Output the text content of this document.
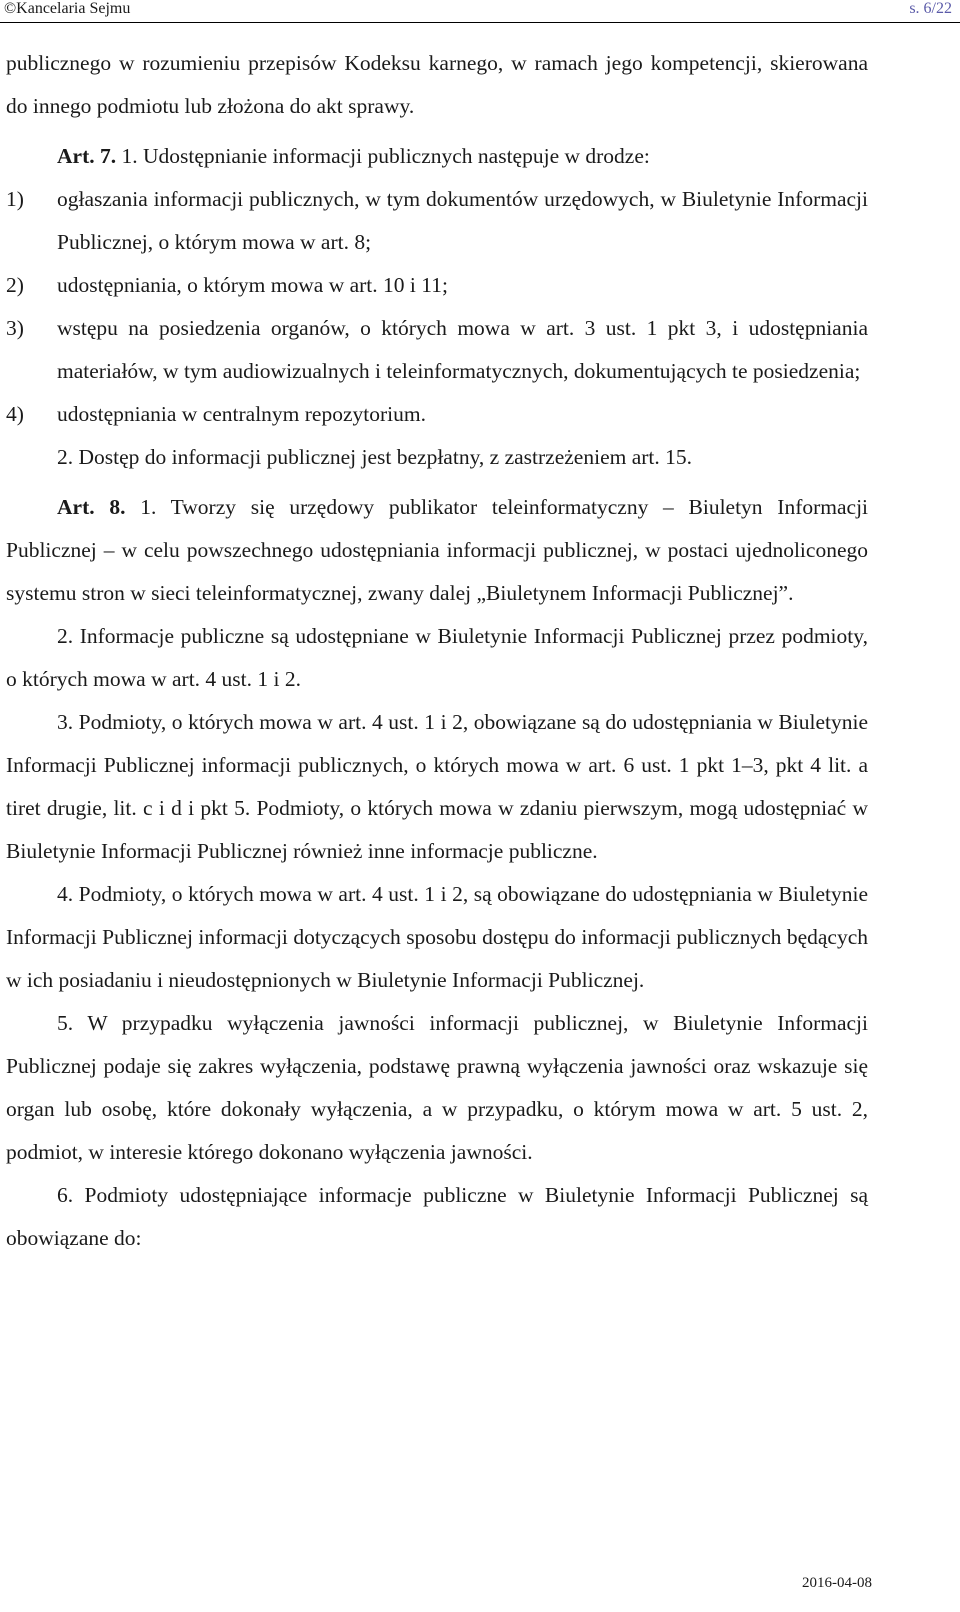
©Kancelaria Sejmu	s. 6/22

publicznego w rozumieniu przepisów Kodeksu karnego, w ramach jego kompetencji, skierowana do innego podmiotu lub złożona do akt sprawy.

Art. 7. 1. Udostępnianie informacji publicznych następuje w drodze:

1) ogłaszania informacji publicznych, w tym dokumentów urzędowych, w Biuletynie Informacji Publicznej, o którym mowa w art. 8;
2) udostępniania, o którym mowa w art. 10 i 11;
3) wstępu na posiedzenia organów, o których mowa w art. 3 ust. 1 pkt 3, i udostępniania materiałów, w tym audiowizualnych i teleinformatycznych, dokumentujących te posiedzenia;
4) udostępniania w centralnym repozytorium.

2. Dostęp do informacji publicznej jest bezpłatny, z zastrzeżeniem art. 15.

Art. 8. 1. Tworzy się urzędowy publikator teleinformatyczny – Biuletyn Informacji Publicznej – w celu powszechnego udostępniania informacji publicznej, w postaci ujednoliconego systemu stron w sieci teleinformatycznej, zwany dalej „Biuletynem Informacji Publicznej”.

2. Informacje publiczne są udostępniane w Biuletynie Informacji Publicznej przez podmioty, o których mowa w art. 4 ust. 1 i 2.

3. Podmioty, o których mowa w art. 4 ust. 1 i 2, obowiązane są do udostępniania w Biuletynie Informacji Publicznej informacji publicznych, o których mowa w art. 6 ust. 1 pkt 1–3, pkt 4 lit. a tiret drugie, lit. c i d i pkt 5. Podmioty, o których mowa w zdaniu pierwszym, mogą udostępniać w Biuletynie Informacji Publicznej również inne informacje publiczne.

4. Podmioty, o których mowa w art. 4 ust. 1 i 2, są obowiązane do udostępniania w Biuletynie Informacji Publicznej informacji dotyczących sposobu dostępu do informacji publicznych będących w ich posiadaniu i nieudostępnionych w Biuletynie Informacji Publicznej.

5. W przypadku wyłączenia jawności informacji publicznej, w Biuletynie Informacji Publicznej podaje się zakres wyłączenia, podstawę prawną wyłączenia jawności oraz wskazuje się organ lub osobę, które dokonały wyłączenia, a w przypadku, o którym mowa w art. 5 ust. 2, podmiot, w interesie którego dokonano wyłączenia jawności.

6. Podmioty udostępniające informacje publiczne w Biuletynie Informacji Publicznej są obowiązane do:

2016-04-08
